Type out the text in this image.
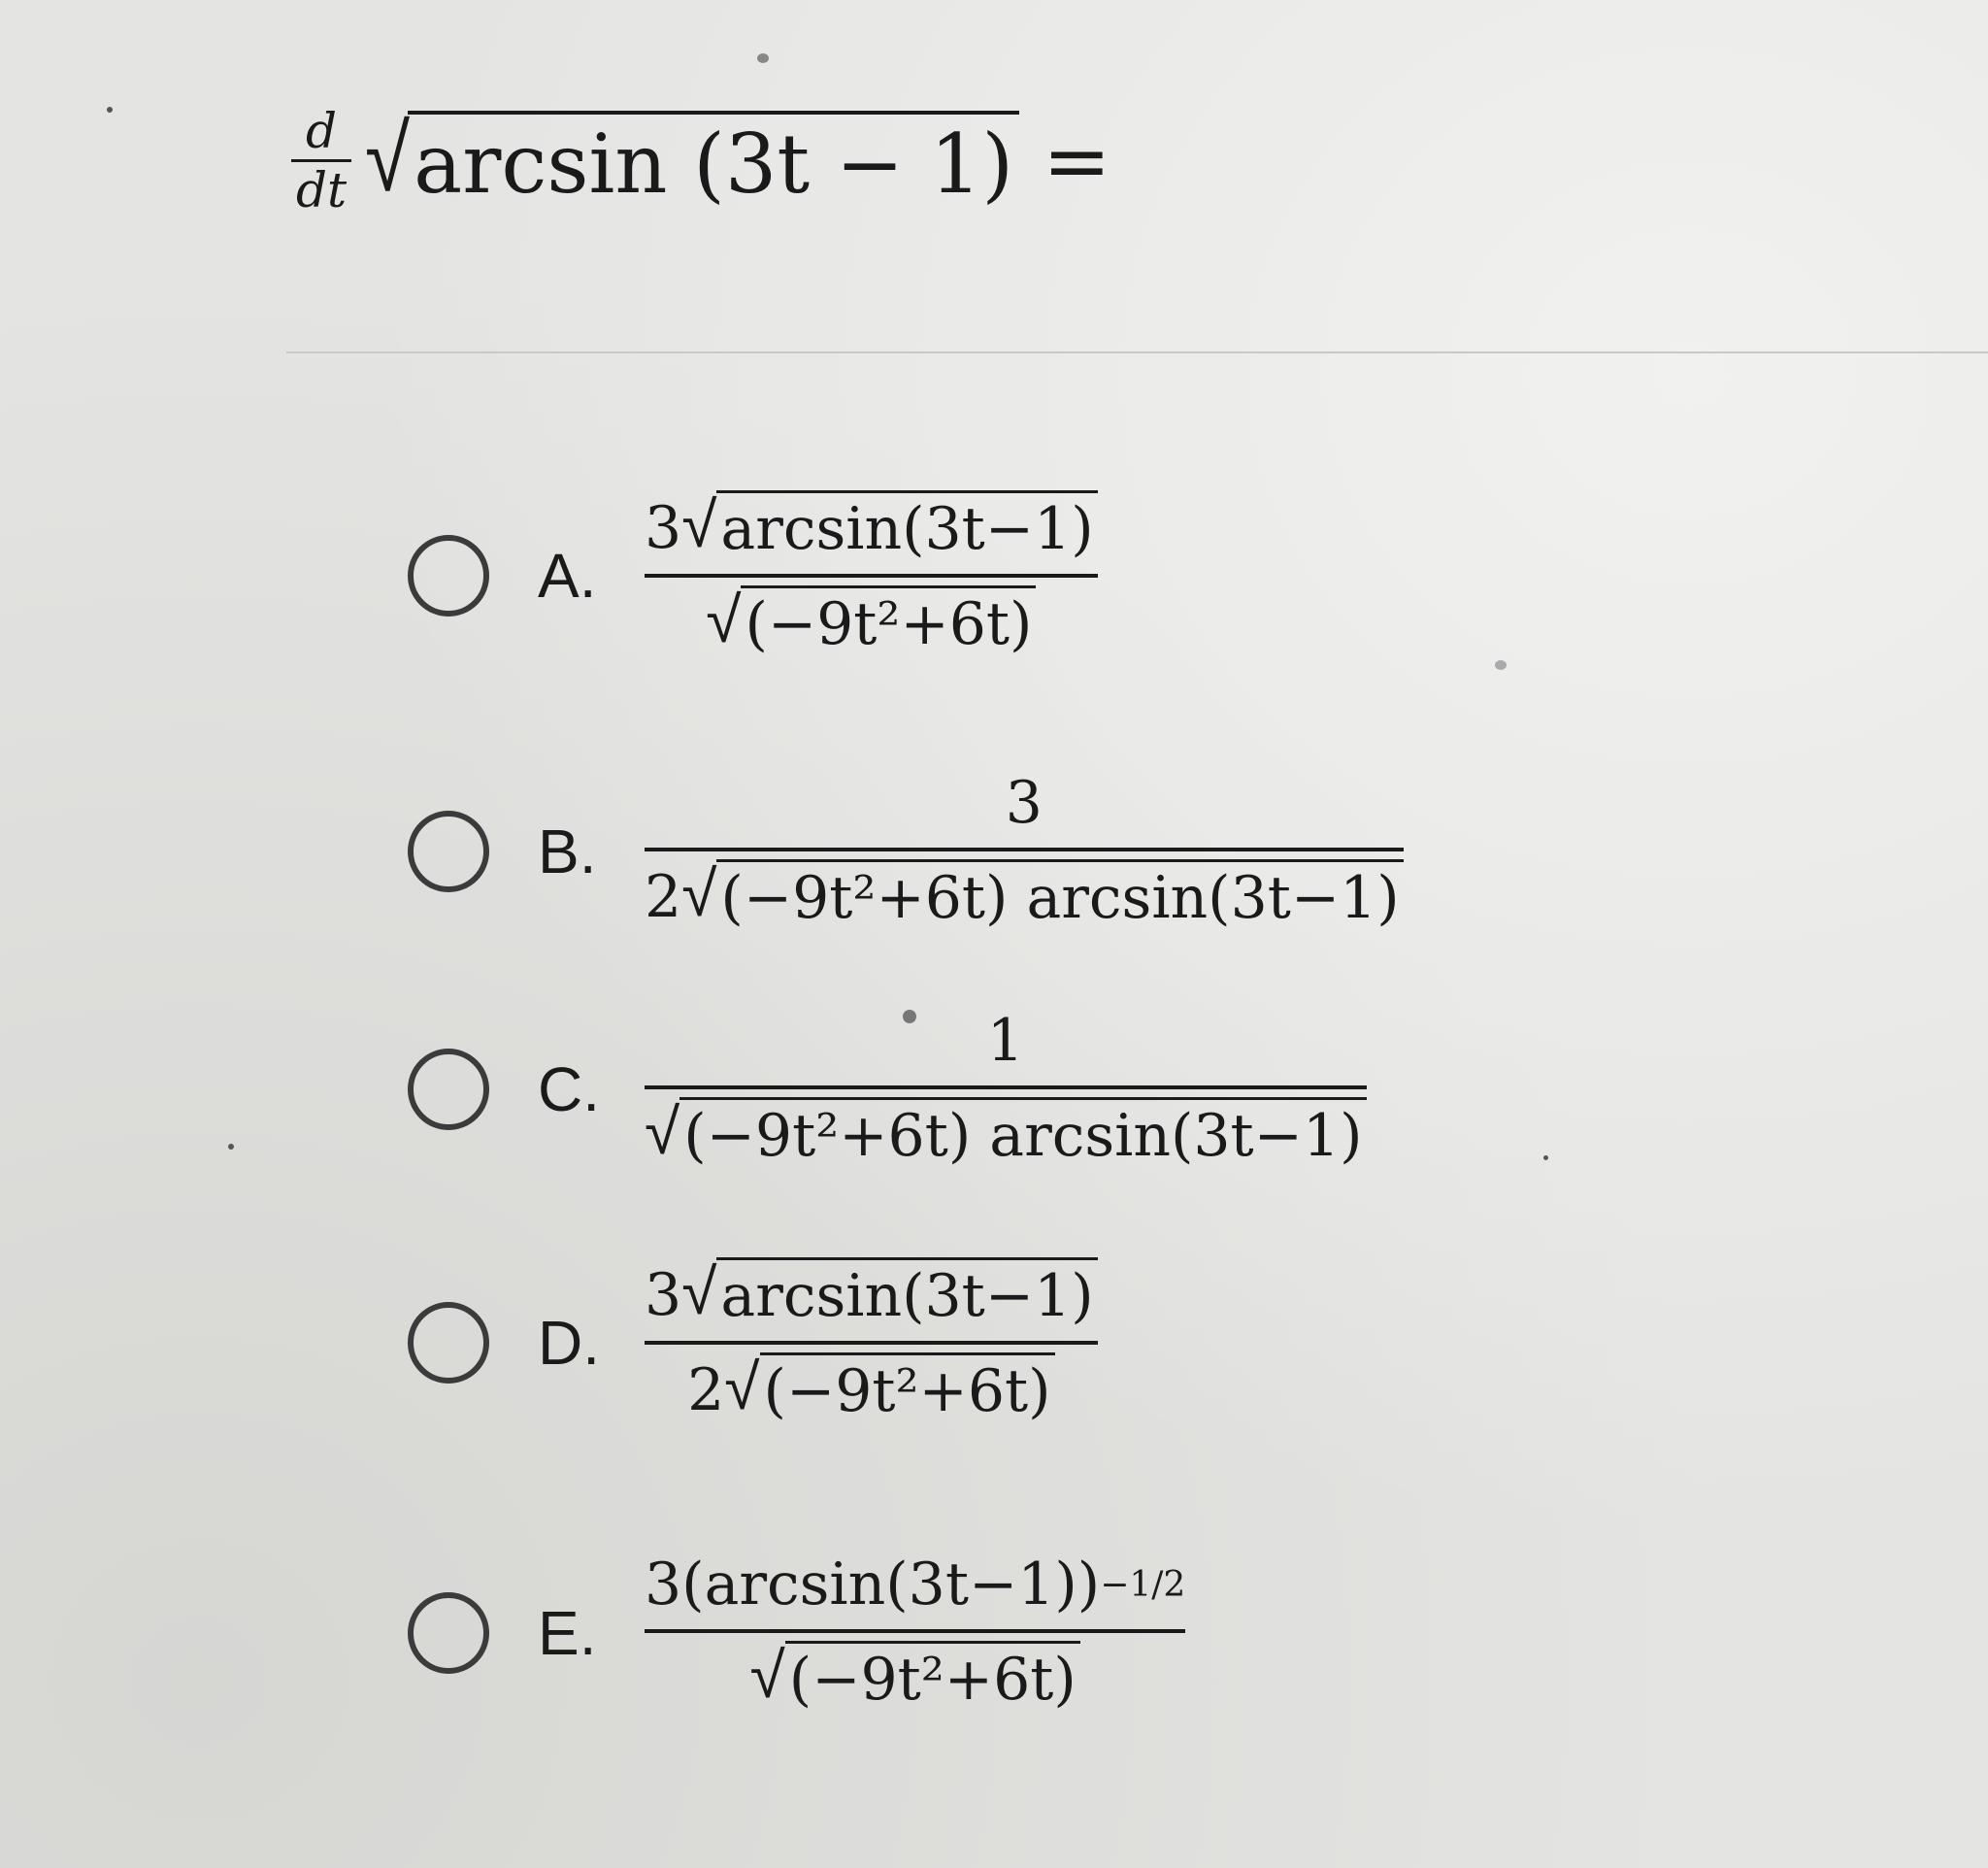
d
dt √ arcsin (3t − 1) =
A. $\frac{3 √ \arcsin(3t-1)}{\text{√ (−9t²+6t)}}$
B. $\frac{3}{\text{2 √ (−9t²+6t) arcsin(3t−1)}}$
C. $\frac{1}{\text{√ (−9t²+6t) arcsin(3t−1)}}$
D. $\frac{3 √ \arcsin(3t-1)}{\text{2 √ (−9t²+6t)}}$
E. $\frac{3(\arcsin(3t-1)) -1/2}{\text{√ (−9t²+6t)}}$
